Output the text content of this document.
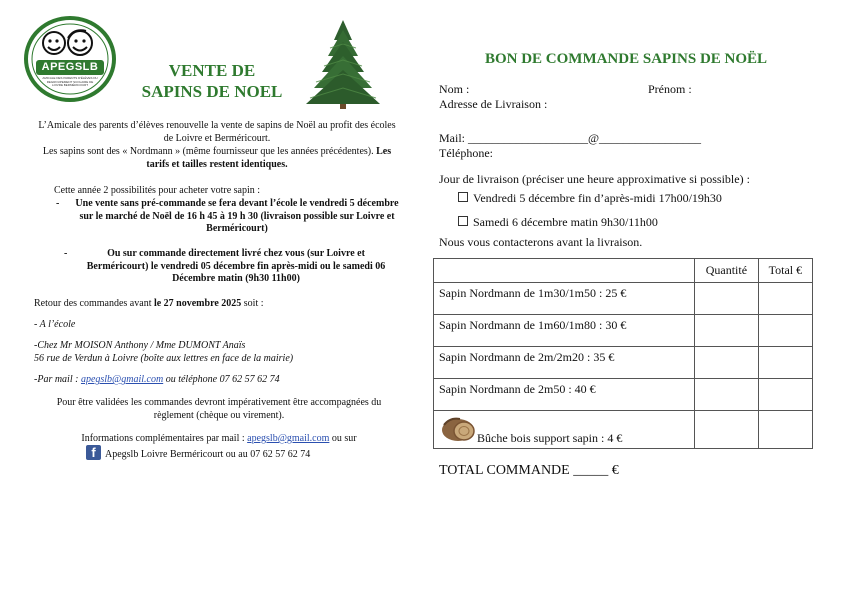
APEGSLB
AMICALE DES PARENTS D'ÉLÈVES DU REGROUPEMENT SCOLAIRE DE LOIVRE BERMÉRICOURT
VENTE DE
SAPINS DE NOEL
L’Amicale des parents d’élèves renouvelle la vente de sapins de Noël au profit des écoles de Loivre et Berméricourt.
Les sapins sont des « Nordmann » (même fournisseur que les années précédentes). Les tarifs et tailles restent identiques.
Cette année 2 possibilités pour acheter votre sapin :
-	Une vente sans pré-commande se fera devant l’école le vendredi 5 décembre sur le marché de Noël de 16 h 45 à 19 h 30 (livraison possible sur Loivre et Berméricourt)
-	Ou sur commande directement livré chez vous (sur Loivre et Berméricourt) le vendredi 05 décembre fin après-midi ou le samedi 06 Décembre matin (9h30 11h00)
Retour des commandes avant le 27 novembre 2025 soit :
- A l’école
-Chez Mr MOISON Anthony / Mme DUMONT Anaïs
56 rue de Verdun à Loivre (boîte aux lettres en face de la mairie)
-Par mail : apegslb@gmail.com ou téléphone 07 62 57 62 74
Pour être validées les commandes devront impérativement être accompagnées du règlement (chèque ou virement).
Informations complémentaires par mail : apegslb@gmail.com ou sur
f Apegslb Loivre Berméricourt ou au 07 62 57 62 74
BON DE COMMANDE SAPINS DE NOËL
Nom :	Prénom :
Adresse de Livraison :
Mail: ____________________@_________________
Téléphone:
Jour de livraison (préciser une heure approximative si possible) :
Vendredi 5 décembre fin d’après-midi 17h00/19h30
Samedi 6 décembre matin 9h30/11h00
Nous vous contacterons avant la livraison.
	Quantité	Total €
Sapin Nordmann de 1m30/1m50 : 25 €		
Sapin Nordmann de 1m60/1m80 : 30 €		
Sapin Nordmann de 2m/2m20 : 35 €		
Sapin Nordmann de 2m50 : 40 €		

Bûche bois support sapin : 4 €		
TOTAL COMMANDE _____ €
